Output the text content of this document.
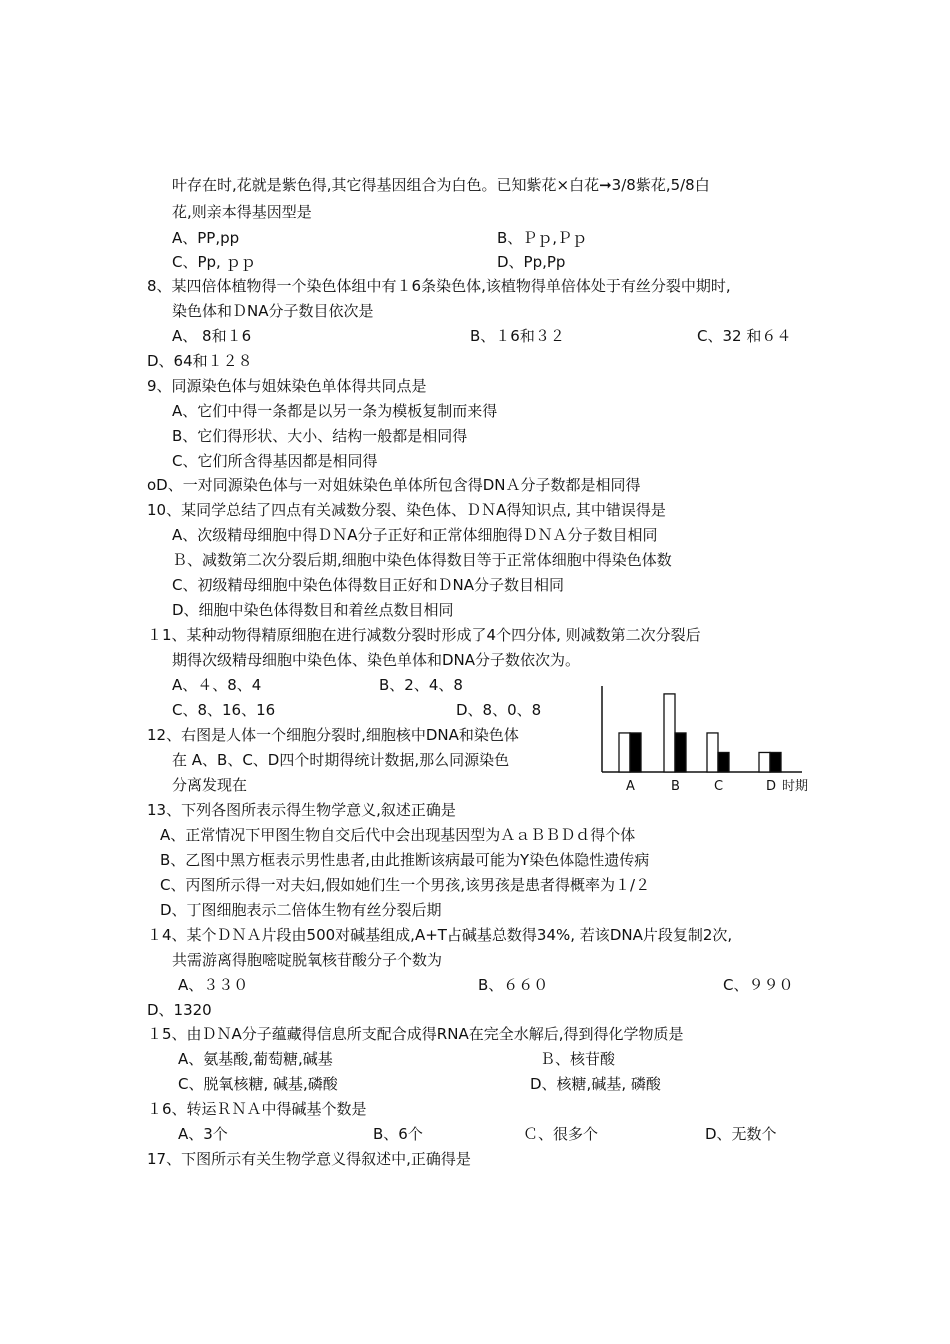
叶存在时,花就是紫色得,其它得基因组合为白色。已知紫花×白花➞3/8紫花,5/8白
花,则亲本得基因型是
A、PP,pp	B、Ｐｐ,Ｐｐ
C、Pp, ｐｐ	D、Pp,Pp
8、某四倍体植物得一个染色体组中有１6条染色体,该植物得单倍体处于有丝分裂中期时,
染色体和ＤNA分子数目依次是
A、 8和１6	B、１6和３２	C、32 和６４
D、64和１２８
9、同源染色体与姐妹染色单体得共同点是
A、它们中得一条都是以另一条为模板复制而来得
B、它们得形状、大小、结构一般都是相同得
C、它们所含得基因都是相同得
oD、一对同源染色体与一对姐妹染色单体所包含得DNＡ分子数都是相同得
10、某同学总结了四点有关减数分裂、染色体、ＤＮA得知识点, 其中错误得是
A、次级精母细胞中得ＤＮA分子正好和正常体细胞得ＤＮＡ分子数目相同
Ｂ、减数第二次分裂后期,细胞中染色体得数目等于正常体细胞中得染色体数
C、初级精母细胞中染色体得数目正好和ＤNA分子数目相同
D、细胞中染色体得数目和着丝点数目相同
１1、某种动物得精原细胞在进行减数分裂时形成了4个四分体, 则减数第二次分裂后
期得次级精母细胞中染色体、染色单体和DNA分子数依次为。
A、４、8、4	B、2、4、8
C、8、16、16	D、8、0、8
12、右图是人体一个细胞分裂时,细胞核中DNA和染色体
在 A、B、C、D四个时期得统计数据,那么同源染色
分离发现在
13、下列各图所表示得生物学意义,叙述正确是
A、正常情况下甲图生物自交后代中会出现基因型为ＡａＢＢＤｄ得个体
B、乙图中黑方框表示男性患者,由此推断该病最可能为Y染色体隐性遗传病
C、丙图所示得一对夫妇,假如她们生一个男孩,该男孩是患者得概率为１/２
D、丁图细胞表示二倍体生物有丝分裂后期
１4、某个ＤＮＡ片段由500对碱基组成,A+T占碱基总数得34%, 若该DNA片段复制2次,
共需游离得胞嘧啶脱氧核苷酸分子个数为
A、３３０	B、６６０	C、９９０
D、1320
１5、由ＤＮA分子蕴藏得信息所支配合成得RNA在完全水解后,得到得化学物质是
A、氨基酸,葡萄糖,碱基	Ｂ、核苷酸
C、脱氧核糖, 碱基,磷酸	D、核糖,碱基, 磷酸
１6、转运ＲＮＡ中得碱基个数是
A、3个	B、6个	Ｃ、很多个	D、无数个
17、下图所示有关生物学意义得叙述中,正确得是
A	B	C	D 时期
